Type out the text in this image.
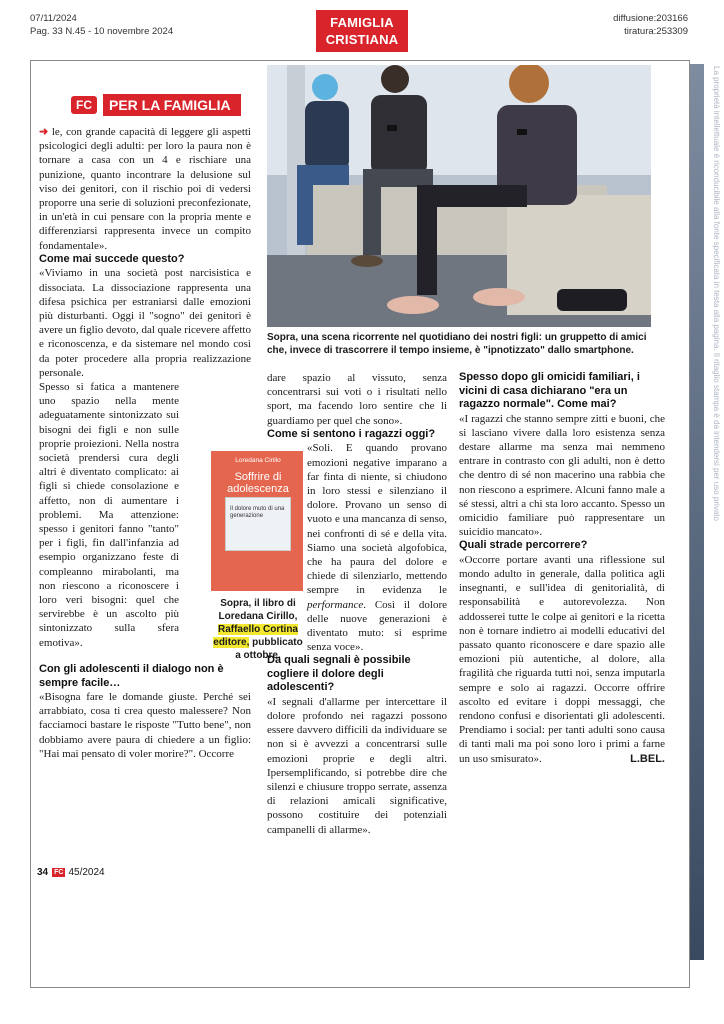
07/11/2024
Pag. 33 N.45 - 10 novembre 2024
FAMIGLIA
CRISTIANA
diffusione:203166
tiratura:253309
La proprietà intellettuale è riconducibile alla fonte specificata in testa alla pagina. Il ritaglio stampa è da intendersi per uso privato
FC	PER LA FAMIGLIA
Sopra, una scena ricorrente nel quotidiano dei nostri figli: un gruppetto di amici che, invece di trascorrere il tempo insieme, è "ipnotizzato" dallo smartphone.

➜ le, con grande capacità di leggere gli aspetti psicologici degli adulti: per loro la paura non è tornare a casa con un 4 e rischiare una punizione, quanto incontrare la delusione sul viso dei genitori, con il rischio poi di vedersi proporre una serie di soluzioni preconfezionate, in un'età in cui pensare con la propria mente e differenziarsi rappresenta invece un compito fondamentale».

Come mai succede questo?

«Viviamo in una società post narcisistica e dissociata. La dissociazione rappresenta una difesa psichica per estraniarsi dalle emozioni più disturbanti. Oggi il "sogno" dei genitori è avere un figlio devoto, dal quale ricevere affetto e riconoscenza, e da sistemare nel mondo così da poter procedere alla propria realizzazione personale.

Spesso si fatica a mantenere uno spazio nella mente adeguatamente sintonizzato sui bisogni dei figli e non sulle proprie proiezioni. Nella nostra società prendersi cura degli altri è diventato complicato: ai figli si chiede consolazione e affetto, non di aumentare i problemi. Ma attenzione: spesso i genitori fanno "tanto" per i figli, fin dall'infanzia ad esempio organizzano feste di compleanno mirabolanti, ma non riescono a riconoscere i loro veri bisogni: quel che servirebbe è un ascolto più sintonizzato sulla sfera emotiva».

Con gli adolescenti il dialogo non è sempre facile…

«Bisogna fare le domande giuste. Perché sei arrabbiato, cosa ti crea questo malessere? Non facciamoci bastare le risposte "Tutto bene", non dobbiamo avere paura di chiedere a un figlio: "Hai mai pensato di voler morire?". Occorre

Loredana Cirillo
Soffrire di adolescenza
Il dolore muto di una generazione
Sopra, il libro di Loredana Cirillo, Raffaello Cortina editore, pubblicato a ottobre.

dare spazio al vissuto, senza concentrarsi sui voti o i risultati nello sport, ma facendo loro sentire che li guardiamo per quel che sono».

Come si sentono i ragazzi oggi?

«Soli. E quando provano emozioni negative imparano a far finta di niente, si chiudono in loro stessi e silenziano il dolore. Provano un senso di vuoto e una mancanza di senso, nei confronti di sé e della vita. Siamo una società algofobica, che ha paura del dolore e chiede di silenziarlo, mettendo sempre in evidenza le performance. Così il dolore delle nuove generazioni è diventato muto: si esprime senza voce».

Da quali segnali è possibile cogliere il dolore degli adolescenti?

«I segnali d'allarme per intercettare il dolore profondo nei ragazzi possono essere davvero difficili da individuare se non si è avvezzi a concentrarsi sulle emozioni proprie e degli altri. Ipersemplificando, si potrebbe dire che silenzi e chiusure troppo serrate, assenza di relazioni amicali significative, possono costituire dei potenziali campanelli di allarme».

Spesso dopo gli omicidi familiari, i vicini di casa dichiarano "era un ragazzo normale". Come mai?

«I ragazzi che stanno sempre zitti e buoni, che si lasciano vivere dalla loro esistenza senza destare allarme ma senza mai nemmeno entrare in contrasto con gli adulti, non è detto che dentro di sé non macerino una rabbia che non riescono a esprimere. Alcuni fanno male a sé stessi, altri a chi sta loro accanto. Spesso un omicidio familiare può rappresentare un suicidio mancato».

Quali strade percorrere?

«Occorre portare avanti una riflessione sul mondo adulto in generale, dalla politica agli insegnanti, e sull'idea di genitorialità, di responsabilità e autorevolezza. Non addosserei tutte le colpe ai genitori e la ricetta non è tornare indietro ai modelli educativi del passato quanto riconoscere e dare spazio alle emozioni più autentiche, al dolore, alla fragilità che riguarda tutti noi, senza imputarla sempre e solo ai ragazzi. Occorre offrire ascolto ed evitare i doppi messaggi, che rendono confusi e disorientati gli adolescenti. Prendiamo i social: per tanti adulti sono causa di tanti mali ma poi sono loro i primi a farne un uso smisurato».	L.BEL.

34 FC 45/2024
